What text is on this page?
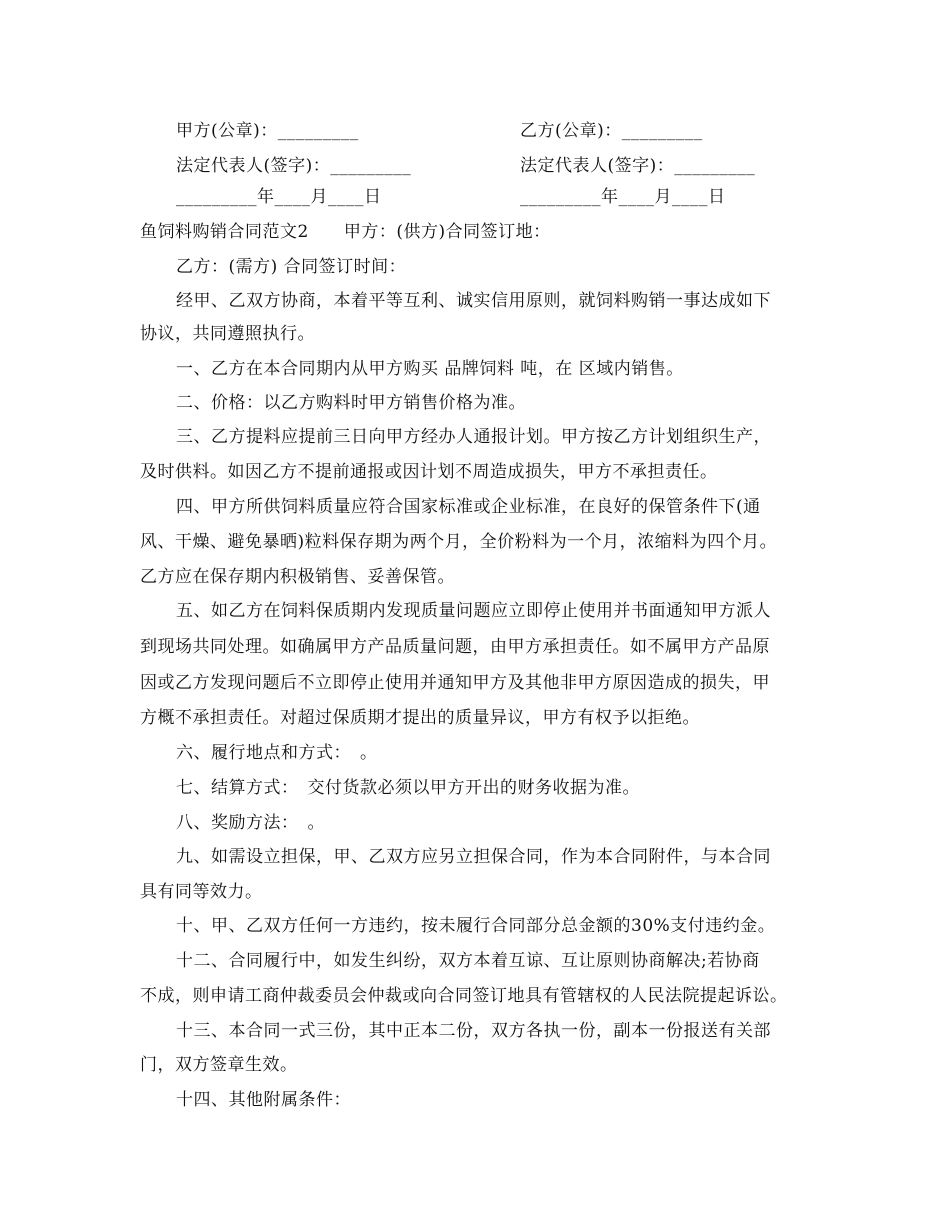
甲方(公章)：_________	乙方(公章)：_________
法定代表人(签字)：_________	法定代表人(签字)：_________
_________年____月____日	_________年____月____日
鱼饲料购销合同范文2　　甲方：(供方)合同签订地：
乙方：(需方) 合同签订时间：
经甲、乙双方协商，本着平等互利、诚实信用原则，就饲料购销一事达成如下
协议，共同遵照执行。
一、乙方在本合同期内从甲方购买 品牌饲料 吨，在 区域内销售。
二、价格：以乙方购料时甲方销售价格为准。
三、乙方提料应提前三日向甲方经办人通报计划。甲方按乙方计划组织生产，
及时供料。如因乙方不提前通报或因计划不周造成损失，甲方不承担责任。
四、甲方所供饲料质量应符合国家标准或企业标准，在良好的保管条件下(通
风、干燥、避免暴晒)粒料保存期为两个月，全价粉料为一个月，浓缩料为四个月。
乙方应在保存期内积极销售、妥善保管。
五、如乙方在饲料保质期内发现质量问题应立即停止使用并书面通知甲方派人
到现场共同处理。如确属甲方产品质量问题，由甲方承担责任。如不属甲方产品原
因或乙方发现问题后不立即停止使用并通知甲方及其他非甲方原因造成的损失，甲
方概不承担责任。对超过保质期才提出的质量异议，甲方有权予以拒绝。
六、履行地点和方式：　。
七、结算方式：　交付货款必须以甲方开出的财务收据为准。
八、奖励方法：　。
九、如需设立担保，甲、乙双方应另立担保合同，作为本合同附件，与本合同
具有同等效力。
十、甲、乙双方任何一方违约，按未履行合同部分总金额的30%支付违约金。
十二、合同履行中，如发生纠纷，双方本着互谅、互让原则协商解决;若协商
不成，则申请工商仲裁委员会仲裁或向合同签订地具有管辖权的人民法院提起诉讼。
十三、本合同一式三份，其中正本二份，双方各执一份，副本一份报送有关部
门，双方签章生效。
十四、其他附属条件：
